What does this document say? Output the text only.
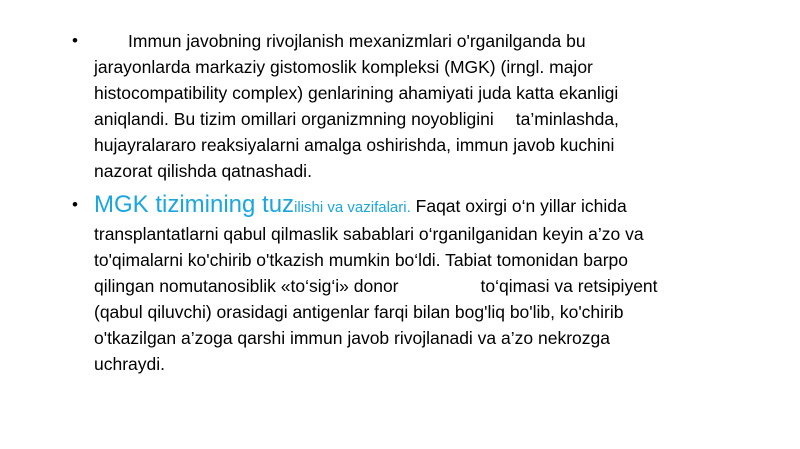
•	Immun javobning rivojlanish mexanizmlari o'rganilganda bu
jarayonlarda markaziy gistomoslik kompleksi (MGK) (irngl. major
histocompatibility complex) genlarining ahamiyati juda katta ekanligi
aniqlandi. Bu tizim omillari organizmning noyobligini ta’minlashda,
hujayralararo reaksiyalarni amalga oshirishda, immun javob kuchini
nazorat qilishda qatnashadi.
• MGK tizimining tuzilishi va vazifalari. Faqat oxirgi o‘n yillar ichida
transplantatlarni qabul qilmaslik sabablari o‘rganilganidan keyin a’zo va
to'qimalarni ko'chirib o'tkazish mumkin bo‘ldi. Tabiat tomonidan barpo
qilingan nomutanosiblik «to‘sig‘i» donor	to‘qimasi va retsipiyent
(qabul qiluvchi) orasidagi antigenlar farqi bilan bog'liq bo'lib, ko'chirib
o'tkazilgan a’zoga qarshi immun javob rivojlanadi va a’zo nekrozga
uchraydi.
